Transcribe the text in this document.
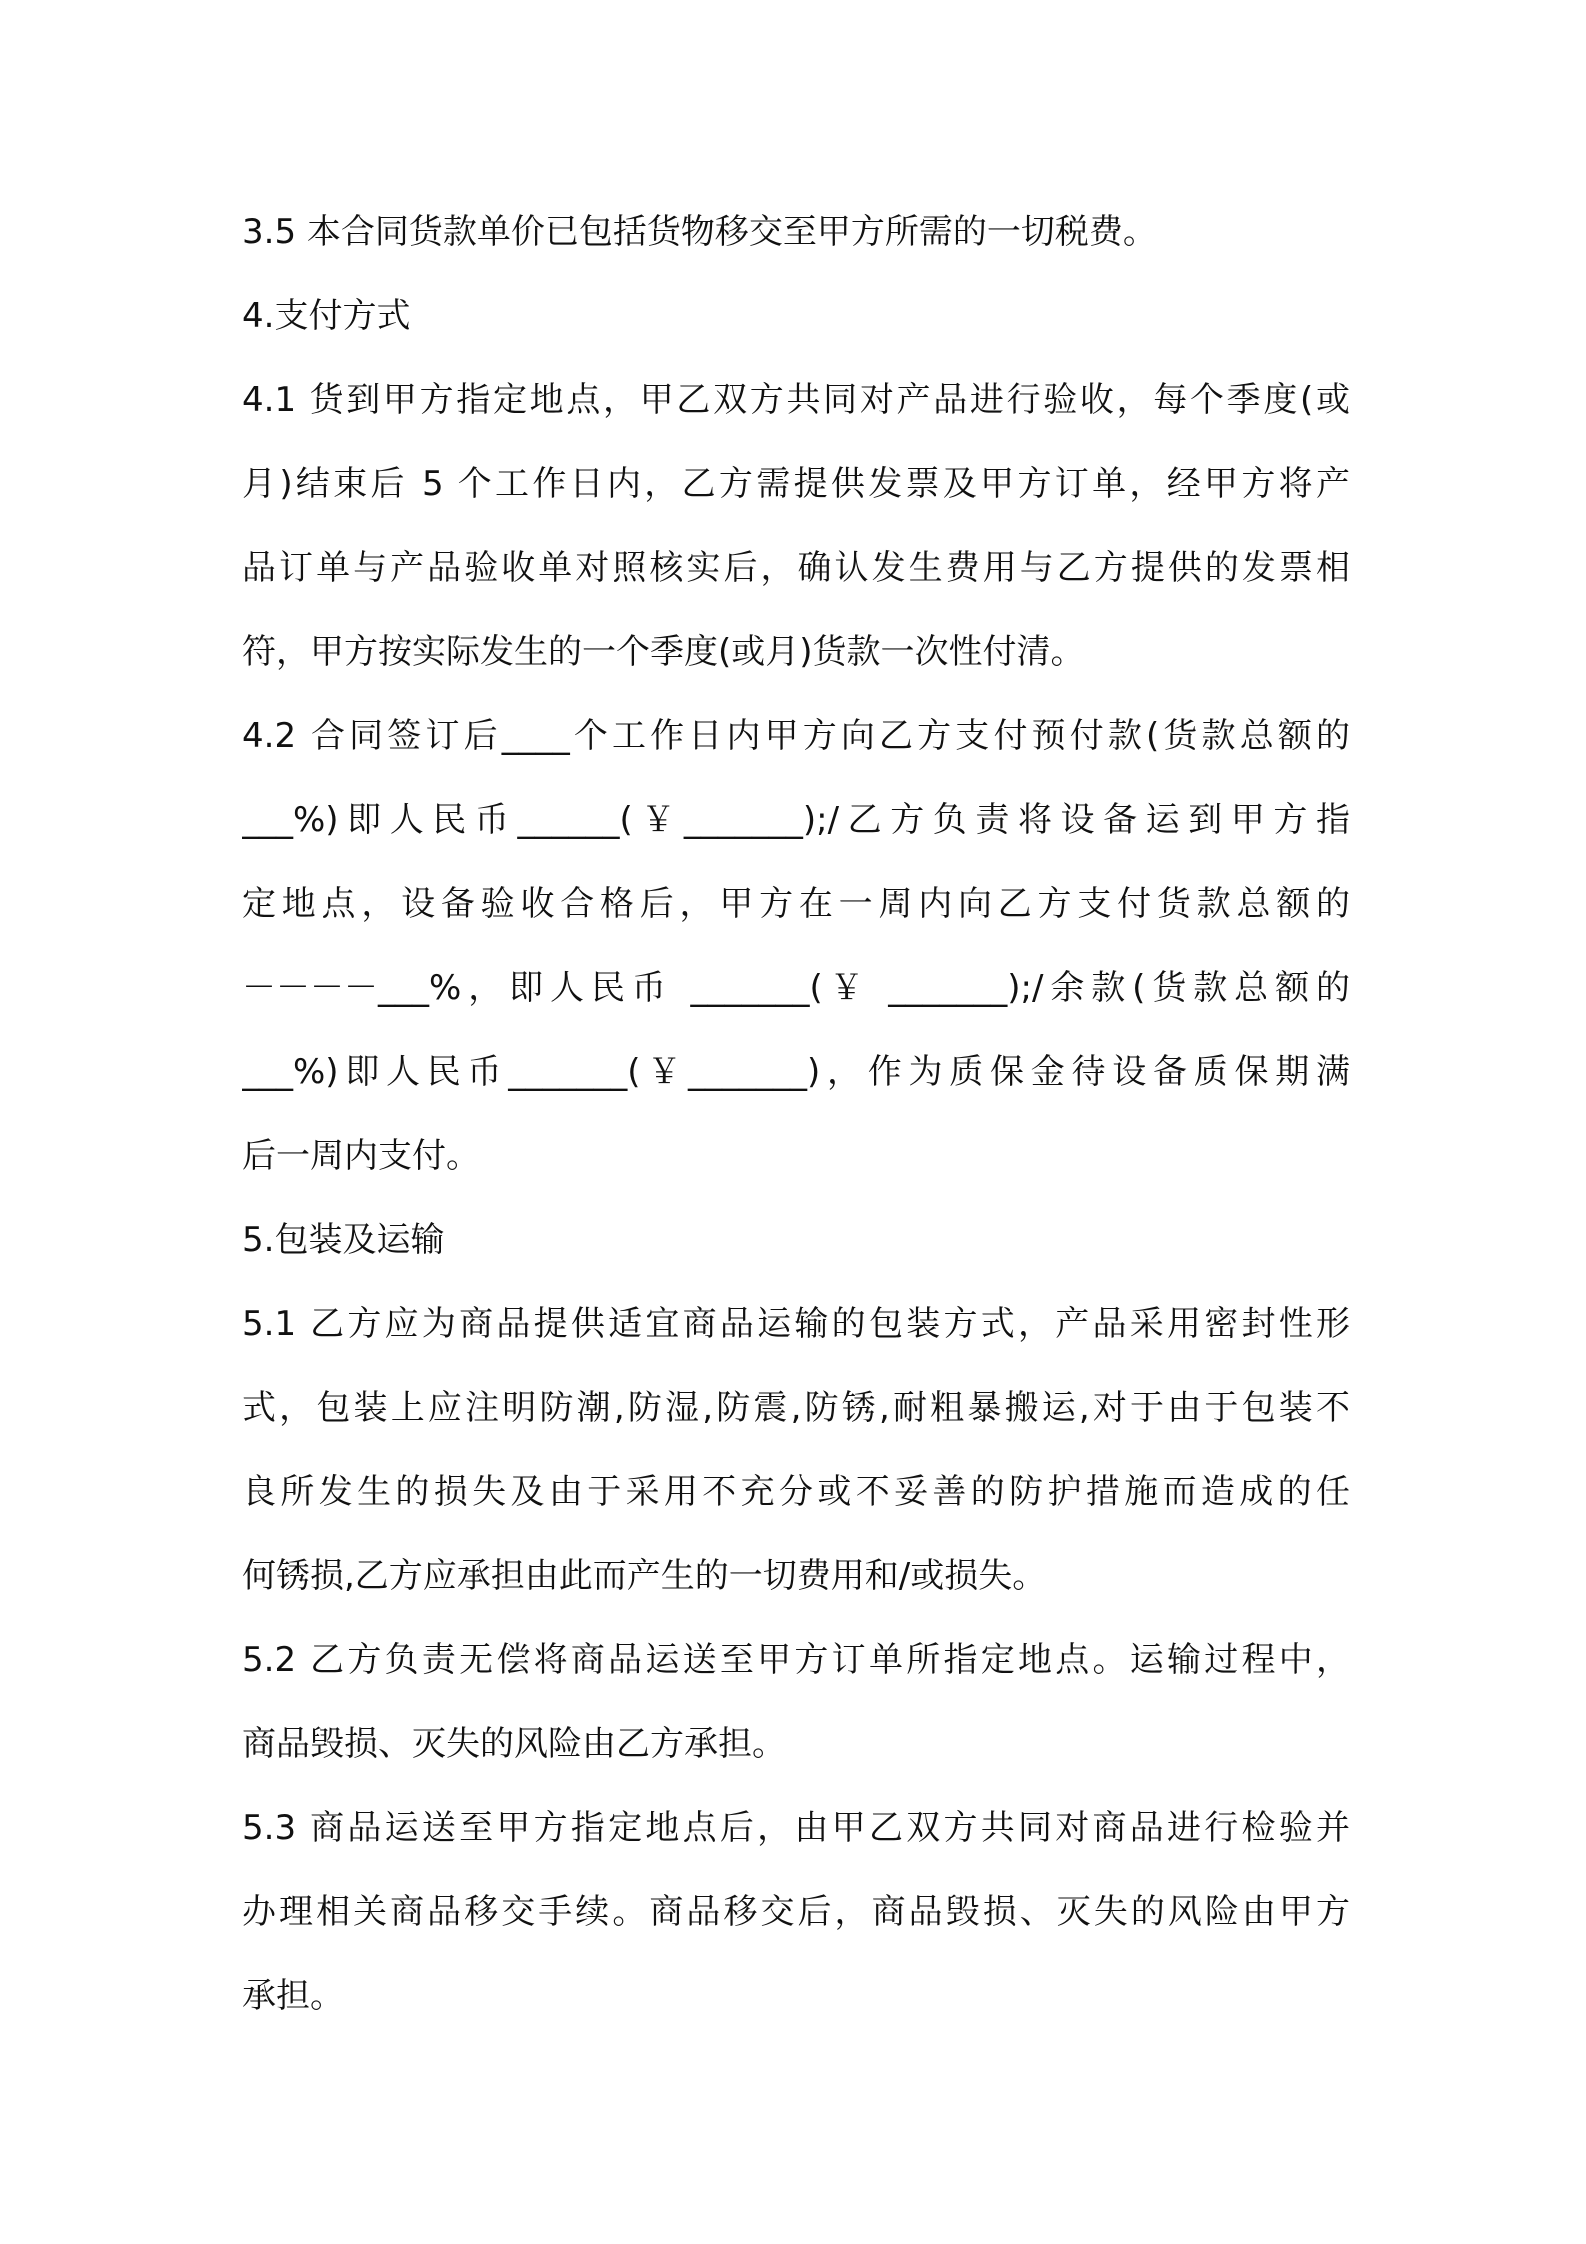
3.5 本合同货款单价已包括货物移交至甲方所需的一切税费。
4.支付方式
4.1 货到甲方指定地点，甲乙双方共同对产品进行验收，每个季度(或
月)结束后 5 个工作日内，乙方需提供发票及甲方订单，经甲方将产
品订单与产品验收单对照核实后，确认发生费用与乙方提供的发票相
符，甲方按实际发生的一个季度(或月)货款一次性付清。
4.2 合同签订后____个工作日内甲方向乙方支付预付款(货款总额的
___%)即人民币______(￥_______);/乙方负责将设备运到甲方指
定地点，设备验收合格后，甲方在一周内向乙方支付货款总额的
－－－－___%，即人民币 _______(￥ _______);/余款(货款总额的
___%)即人民币_______(￥_______)，作为质保金待设备质保期满
后一周内支付。
5.包装及运输
5.1 乙方应为商品提供适宜商品运输的包装方式，产品采用密封性形
式，包装上应注明防潮,防湿,防震,防锈,耐粗暴搬运,对于由于包装不
良所发生的损失及由于采用不充分或不妥善的防护措施而造成的任
何锈损,乙方应承担由此而产生的一切费用和/或损失。
5.2 乙方负责无偿将商品运送至甲方订单所指定地点。运输过程中，
商品毁损、灭失的风险由乙方承担。
5.3 商品运送至甲方指定地点后，由甲乙双方共同对商品进行检验并
办理相关商品移交手续。商品移交后，商品毁损、灭失的风险由甲方
承担。
